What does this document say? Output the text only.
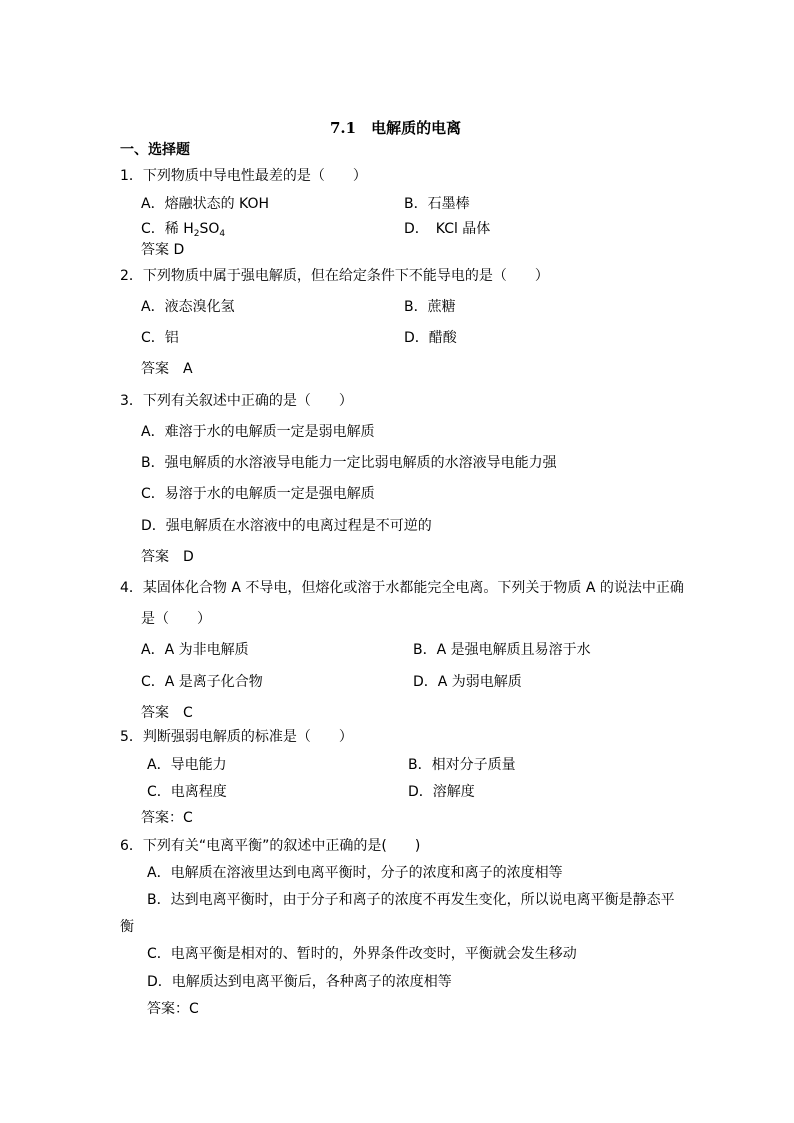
7.1　电解质的电离
一、选择题
1．下列物质中导电性最差的是（　　）
A．熔融状态的 KOH	B．石墨棒
C．稀 $H_2SO_4$	D．　KCl 晶体
答案 D
2．下列物质中属于强电解质，但在给定条件下不能导电的是（　　）
A．液态溴化氢	B．蔗糖
C．铝	D．醋酸
答案　A
3．下列有关叙述中正确的是（　　）
A．难溶于水的电解质一定是弱电解质
B．强电解质的水溶液导电能力一定比弱电解质的水溶液导电能力强
C．易溶于水的电解质一定是强电解质
D．强电解质在水溶液中的电离过程是不可逆的
答案　D
4．某固体化合物 A 不导电，但熔化或溶于水都能完全电离。下列关于物质 A 的说法中正确
是（　　）
A．A 为非电解质	B．A 是强电解质且易溶于水
C．A 是离子化合物	D．A 为弱电解质
答案　C
5．判断强弱电解质的标准是（　　）
A．导电能力	B．相对分子质量
C．电离程度	D．溶解度
答案：C
6．下列有关“电离平衡”的叙述中正确的是(　　)
A．电解质在溶液里达到电离平衡时，分子的浓度和离子的浓度相等
B．达到电离平衡时，由于分子和离子的浓度不再发生变化，所以说电离平衡是静态平
衡
C．电离平衡是相对的、暂时的，外界条件改变时，平衡就会发生移动
D．电解质达到电离平衡后，各种离子的浓度相等
答案：C
